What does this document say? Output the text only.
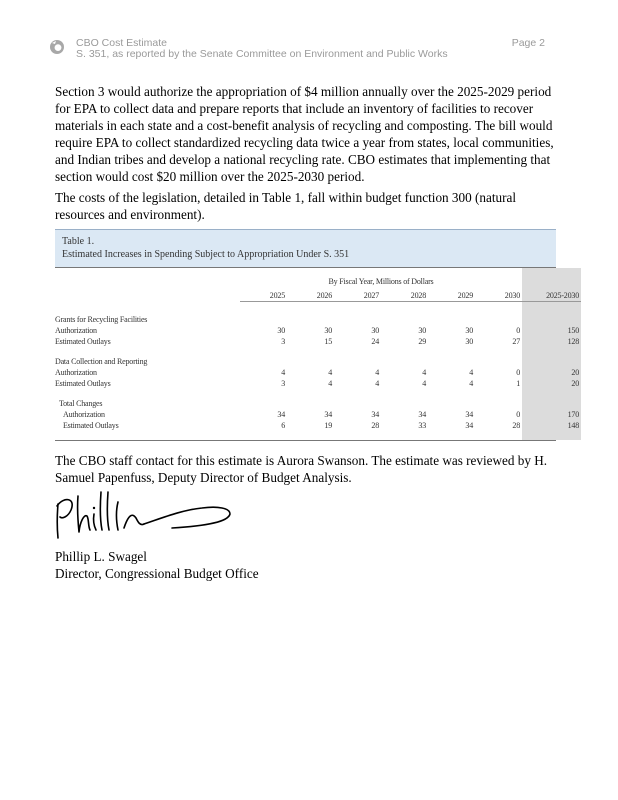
CBO Cost Estimate
S. 351, as reported by the Senate Committee on Environment and Public Works
Page 2
Section 3 would authorize the appropriation of $4 million annually over the 2025-2029 period for EPA to collect data and prepare reports that include an inventory of facilities to recover materials in each state and a cost-benefit analysis of recycling and composting. The bill would require EPA to collect standardized recycling data twice a year from states, local communities, and Indian tribes and develop a national recycling rate. CBO estimates that implementing that section would cost $20 million over the 2025-2030 period.
The costs of the legislation, detailed in Table 1, fall within budget function 300 (natural resources and environment).
Table 1.
Estimated Increases in Spending Subject to Appropriation Under S. 351

	By Fiscal Year, Millions of Dollars						

	2025	2026	2027	2028	2029	2030	2025-2030

Grants for Recycling Facilities							
Authorization	30	30	30	30	30	0	150
Estimated Outlays	3	15	24	29	30	27	128

Data Collection and Reporting							
Authorization	4	4	4	4	4	0	20
Estimated Outlays	3	4	4	4	4	1	20

Total Changes							
Authorization	34	34	34	34	34	0	170
Estimated Outlays	6	19	28	33	34	28	148

The CBO staff contact for this estimate is Aurora Swanson. The estimate was reviewed by H. Samuel Papenfuss, Deputy Director of Budget Analysis.
Phillip L. Swagel
Director, Congressional Budget Office
